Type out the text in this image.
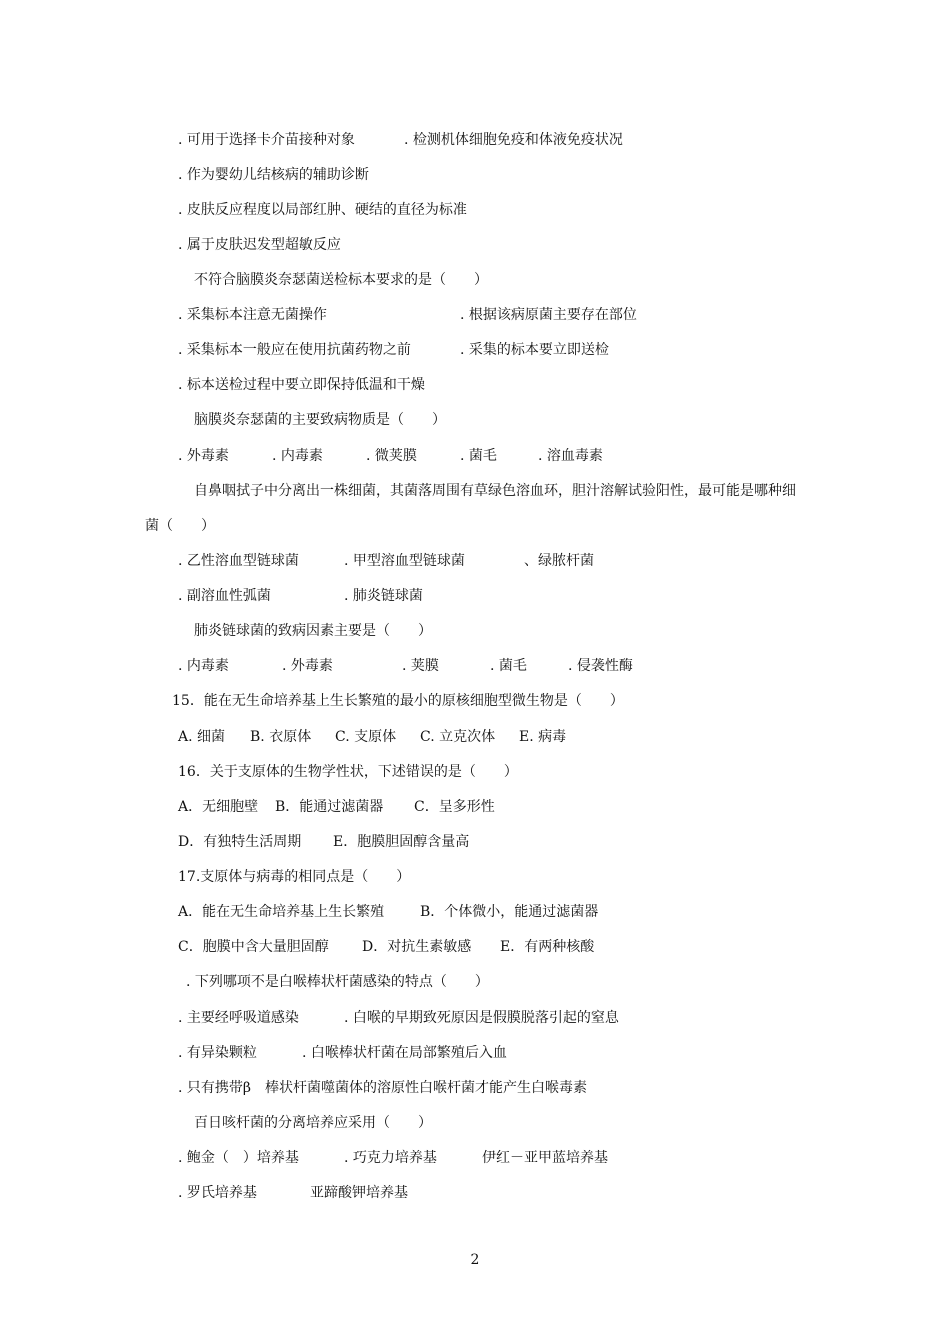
. 可用于选择卡介苗接种对象	. 检测机体细胞免疫和体液免疫状况
. 作为婴幼儿结核病的辅助诊断
. 皮肤反应程度以局部红肿、硬结的直径为标准
. 属于皮肤迟发型超敏反应
不符合脑膜炎奈瑟菌送检标本要求的是（　　）
. 采集标本注意无菌操作	. 根据该病原菌主要存在部位
. 采集标本一般应在使用抗菌药物之前	. 采集的标本要立即送检
. 标本送检过程中要立即保持低温和干燥
脑膜炎奈瑟菌的主要致病物质是（　　）
. 外毒素	. 内毒素	. 微荚膜	. 菌毛	. 溶血毒素
自鼻咽拭子中分离出一株细菌，其菌落周围有草绿色溶血环，胆汁溶解试验阳性，最可能是哪种细
菌（　　）
. 乙性溶血型链球菌	. 甲型溶血型链球菌	、绿脓杆菌
. 副溶血性弧菌	. 肺炎链球菌
肺炎链球菌的致病因素主要是（　　）
. 内毒素	. 外毒素	. 荚膜	. 菌毛	. 侵袭性酶
15．能在无生命培养基上生长繁殖的最小的原核细胞型微生物是（　　）
A. 细菌 B. 衣原体 C. 支原体 C. 立克次体 E. 病毒
16．关于支原体的生物学性状，下述错误的是（　　）
A．无细胞壁 B．能通过滤菌器 C．呈多形性
D．有独特生活周期 E．胞膜胆固醇含量高
17.支原体与病毒的相同点是（　　）
A．能在无生命培养基上生长繁殖	B．个体微小，能通过滤菌器
C．胞膜中含大量胆固醇 D．对抗生素敏感 E．有两种核酸
. 下列哪项不是白喉棒状杆菌感染的特点（　　）
. 主要经呼吸道感染	. 白喉的早期致死原因是假膜脱落引起的窒息
. 有异染颗粒	. 白喉棒状杆菌在局部繁殖后入血
. 只有携带β　棒状杆菌噬菌体的溶原性白喉杆菌才能产生白喉毒素
百日咳杆菌的分离培养应采用（　　）
. 鲍金（　）培养基	. 巧克力培养基	伊红－亚甲蓝培养基
. 罗氏培养基	亚蹄酸钾培养基
2
